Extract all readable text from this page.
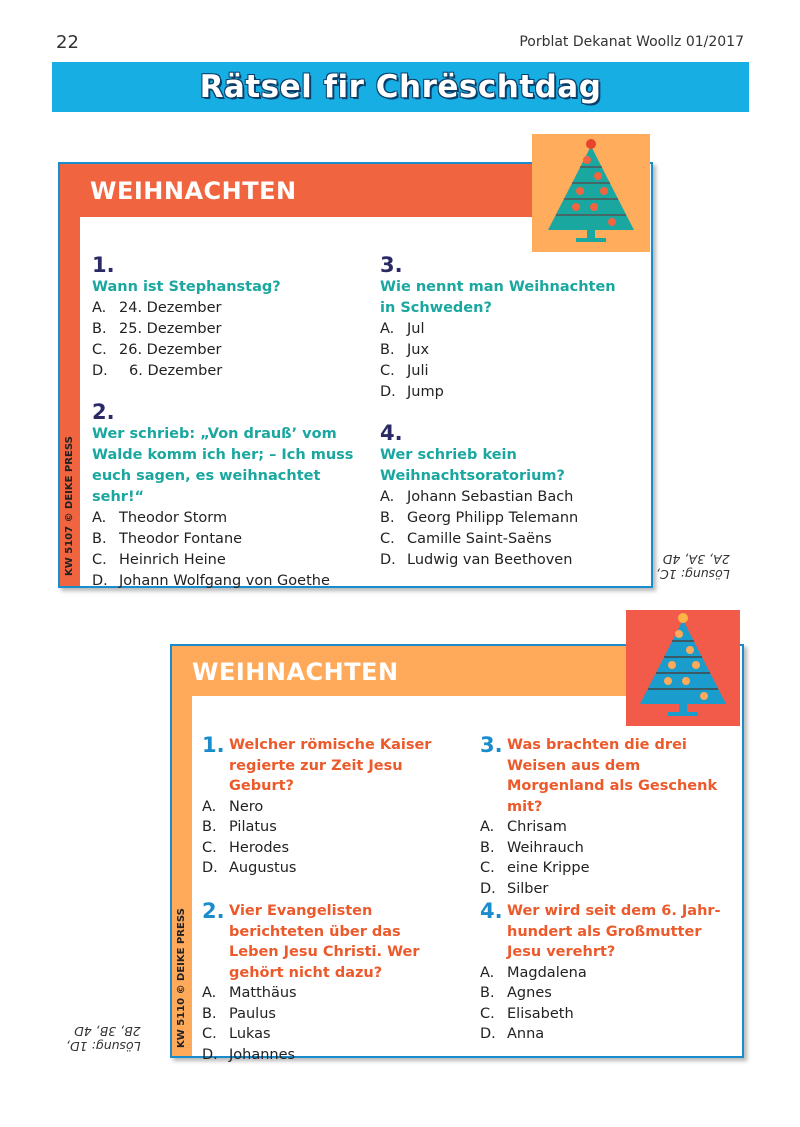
22	Porblat Dekanat Woollz 01/2017
Rätsel fir Chrëschtdag
WEIHNACHTEN
KW 5107 © DEIKE PRESS
1.
Wann ist Stephanstag?
A. 24. Dezember
B. 25. Dezember
C. 26. Dezember
D.	6. Dezember
2.
Wer schrieb: „Von drauß’ vom Walde komm ich her; – Ich muss euch sagen, es weihnachtet sehr!“
A. Theodor Storm
B. Theodor Fontane
C. Heinrich Heine
D. Johann Wolfgang von Goethe
3.
Wie nennt man Weihnachten in Schweden?
A. Jul
B. Jux
C. Juli
D. Jump
4.
Wer schrieb kein Weihnachtsoratorium?
A. Johann Sebastian Bach
B. Georg Philipp Telemann
C. Camille Saint-Saëns
D. Ludwig van Beethoven
Lösung: 1C,
2A, 3A, 4D
WEIHNACHTEN
KW 5110 © DEIKE PRESS
1. Welcher römische Kaiser regierte zur Zeit Jesu Geburt?
A. Nero
B. Pilatus
C. Herodes
D. Augustus
2. Vier Evangelisten berichteten über das Leben Jesu Christi. Wer gehört nicht dazu?
A. Matthäus
B. Paulus
C. Lukas
D. Johannes
3. Was brachten die drei Weisen aus dem Morgenland als Geschenk mit?
A. Chrisam
B. Weihrauch
C. eine Krippe
D. Silber
4. Wer wird seit dem 6. Jahr-hundert als Großmutter Jesu verehrt?
A. Magdalena
B. Agnes
C. Elisabeth
D. Anna
Lösung: 1D,
2B, 3B, 4D
